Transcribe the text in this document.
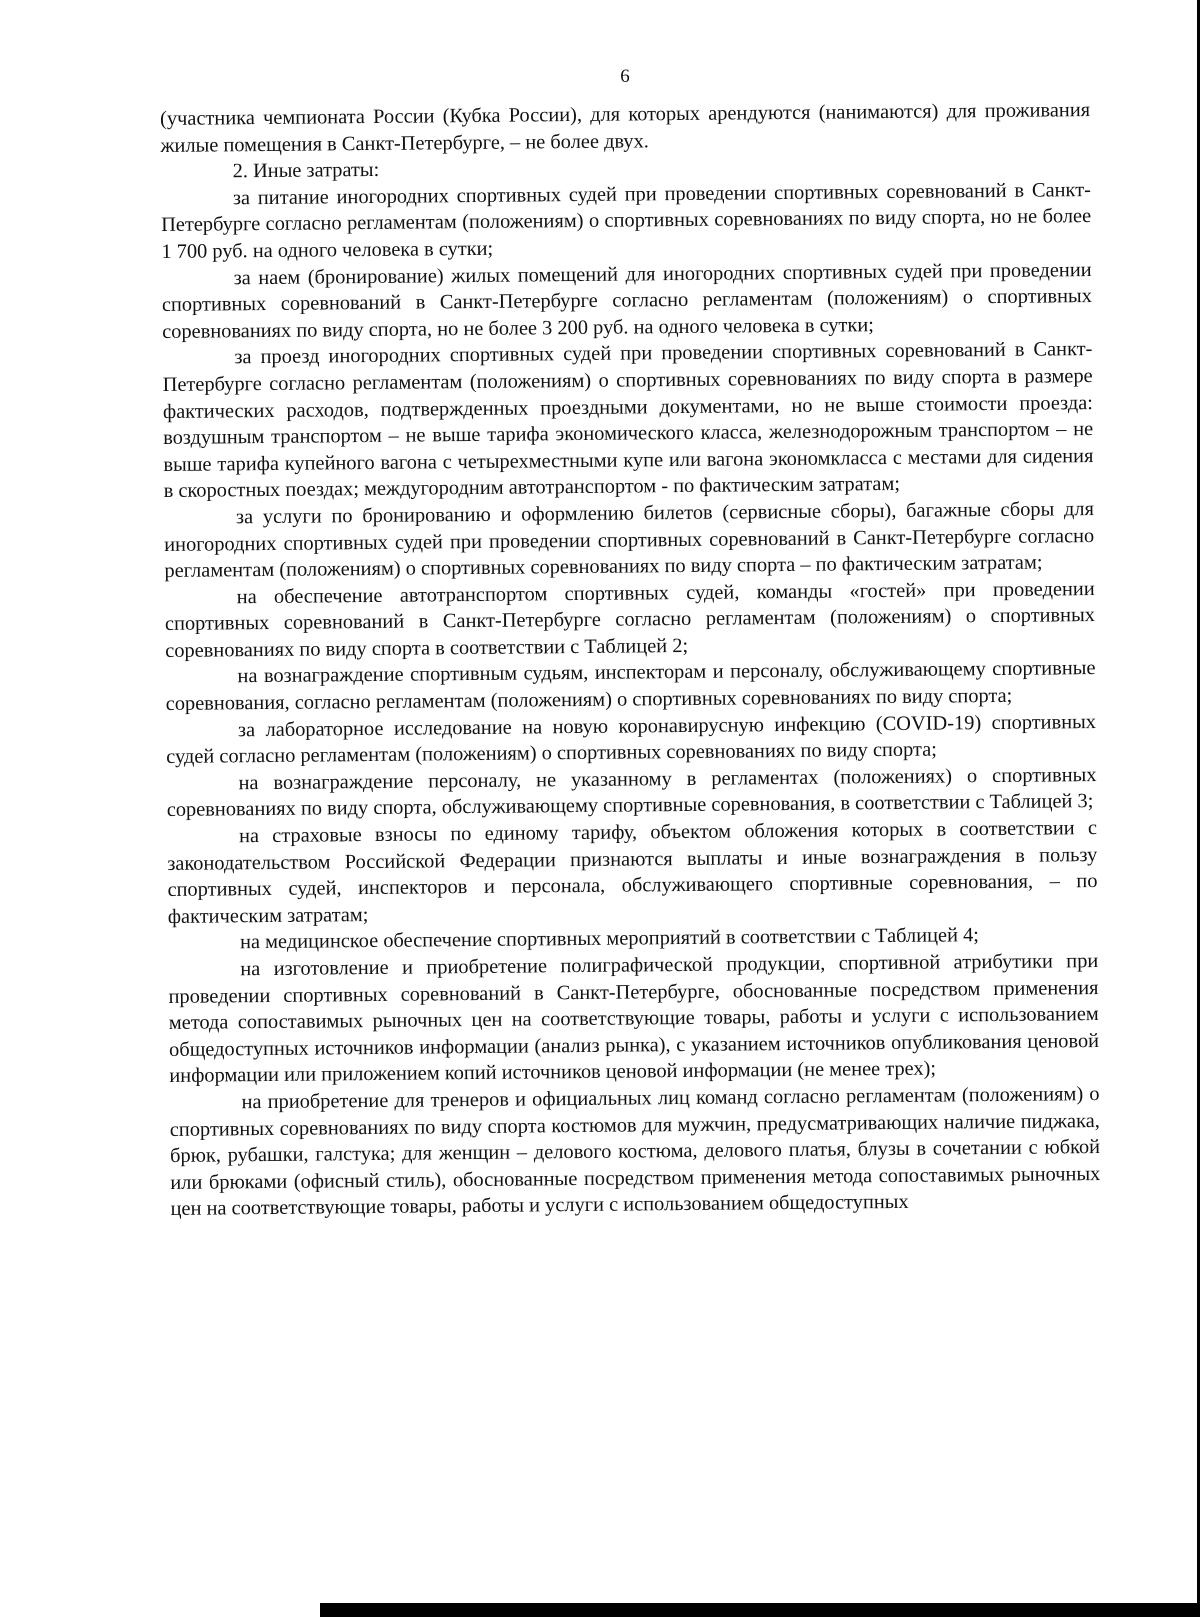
6

(участника чемпионата России (Кубка России), для которых арендуются (нанимаются) для проживания жилые помещения в Санкт-Петербурге, – не более двух.

2. Иные затраты:

за питание иногородних спортивных судей при проведении спортивных соревнований в Санкт-Петербурге согласно регламентам (положениям) о спортивных соревнованиях по виду спорта, но не более 1 700 руб. на одного человека в сутки;

за наем (бронирование) жилых помещений для иногородних спортивных судей при проведении спортивных соревнований в Санкт-Петербурге согласно регламентам (положениям) о спортивных соревнованиях по виду спорта, но не более 3 200 руб. на одного человека в сутки;

за проезд иногородних спортивных судей при проведении спортивных соревнований в Санкт-Петербурге согласно регламентам (положениям) о спортивных соревнованиях по виду спорта в размере фактических расходов, подтвержденных проездными документами, но не выше стоимости проезда: воздушным транспортом – не выше тарифа экономического класса, железнодорожным транспортом – не выше тарифа купейного вагона с четырехместными купе или вагона экономкласса с местами для сидения в скоростных поездах; междугородним автотранспортом - по фактическим затратам;

за услуги по бронированию и оформлению билетов (сервисные сборы), багажные сборы для иногородних спортивных судей при проведении спортивных соревнований в Санкт-Петербурге согласно регламентам (положениям) о спортивных соревнованиях по виду спорта – по фактическим затратам;

на обеспечение автотранспортом спортивных судей, команды «гостей» при проведении спортивных соревнований в Санкт-Петербурге согласно регламентам (положениям) о спортивных соревнованиях по виду спорта в соответствии с Таблицей 2;

на вознаграждение спортивным судьям, инспекторам и персоналу, обслуживающему спортивные соревнования, согласно регламентам (положениям) о спортивных соревнованиях по виду спорта;

за лабораторное исследование на новую коронавирусную инфекцию (COVID-19) спортивных судей согласно регламентам (положениям) о спортивных соревнованиях по виду спорта;

на вознаграждение персоналу, не указанному в регламентах (положениях) о спортивных соревнованиях по виду спорта, обслуживающему спортивные соревнования, в соответствии с Таблицей 3;

на страховые взносы по единому тарифу, объектом обложения которых в соответствии с законодательством Российской Федерации признаются выплаты и иные вознаграждения в пользу спортивных судей, инспекторов и персонала, обслуживающего спортивные соревнования, – по фактическим затратам;

на медицинское обеспечение спортивных мероприятий в соответствии с Таблицей 4;

на изготовление и приобретение полиграфической продукции, спортивной атрибутики при проведении спортивных соревнований в Санкт-Петербурге, обоснованные посредством применения метода сопоставимых рыночных цен на соответствующие товары, работы и услуги с использованием общедоступных источников информации (анализ рынка), с указанием источников опубликования ценовой информации или приложением копий источников ценовой информации (не менее трех);

на приобретение для тренеров и официальных лиц команд согласно регламентам (положениям) о спортивных соревнованиях по виду спорта костюмов для мужчин, предусматривающих наличие пиджака, брюк, рубашки, галстука; для женщин – делового костюма, делового платья, блузы в сочетании с юбкой или брюками (офисный стиль), обоснованные посредством применения метода сопоставимых рыночных цен на соответствующие товары, работы и услуги с использованием общедоступных
